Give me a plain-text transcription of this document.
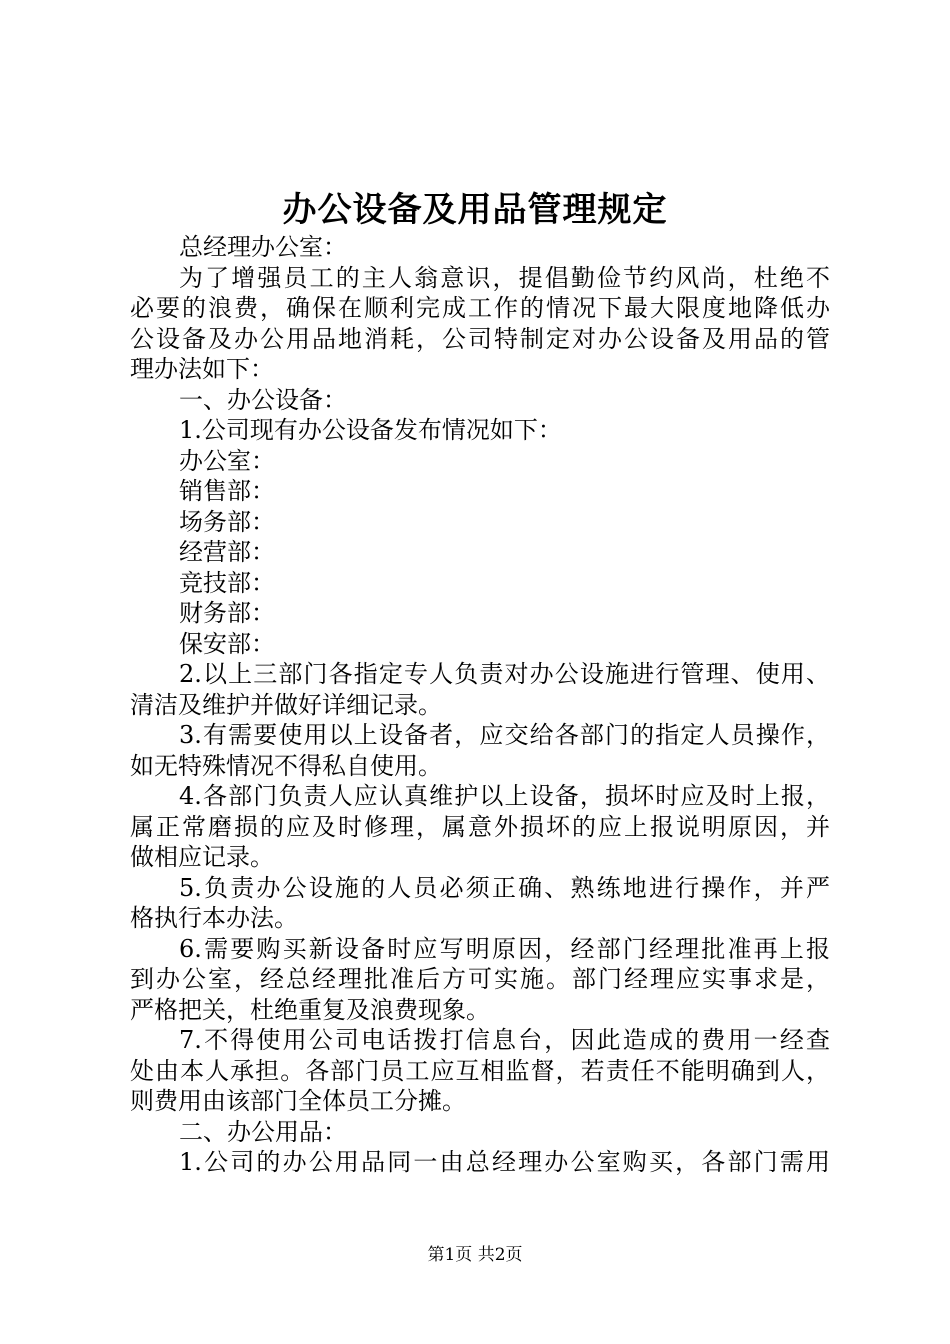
办公设备及用品管理规定
总经理办公室：
为了增强员工的主人翁意识，提倡勤俭节约风尚，杜绝不
必要的浪费，确保在顺利完成工作的情况下最大限度地降低办
公设备及办公用品地消耗，公司特制定对办公设备及用品的管
理办法如下：
一、办公设备：
1.公司现有办公设备发布情况如下：
办公室：
销售部：
场务部：
经营部：
竞技部：
财务部：
保安部：
2.以上三部门各指定专人负责对办公设施进行管理、使用、
清洁及维护并做好详细记录。
3.有需要使用以上设备者，应交给各部门的指定人员操作，
如无特殊情况不得私自使用。
4.各部门负责人应认真维护以上设备，损坏时应及时上报，
属正常磨损的应及时修理，属意外损坏的应上报说明原因，并
做相应记录。
5.负责办公设施的人员必须正确、熟练地进行操作，并严
格执行本办法。
6.需要购买新设备时应写明原因，经部门经理批准再上报
到办公室，经总经理批准后方可实施。部门经理应实事求是，
严格把关，杜绝重复及浪费现象。
7.不得使用公司电话拨打信息台，因此造成的费用一经查
处由本人承担。各部门员工应互相监督，若责任不能明确到人，
则费用由该部门全体员工分摊。
二、办公用品：
1.公司的办公用品同一由总经理办公室购买，各部门需用
第1页 共2页
